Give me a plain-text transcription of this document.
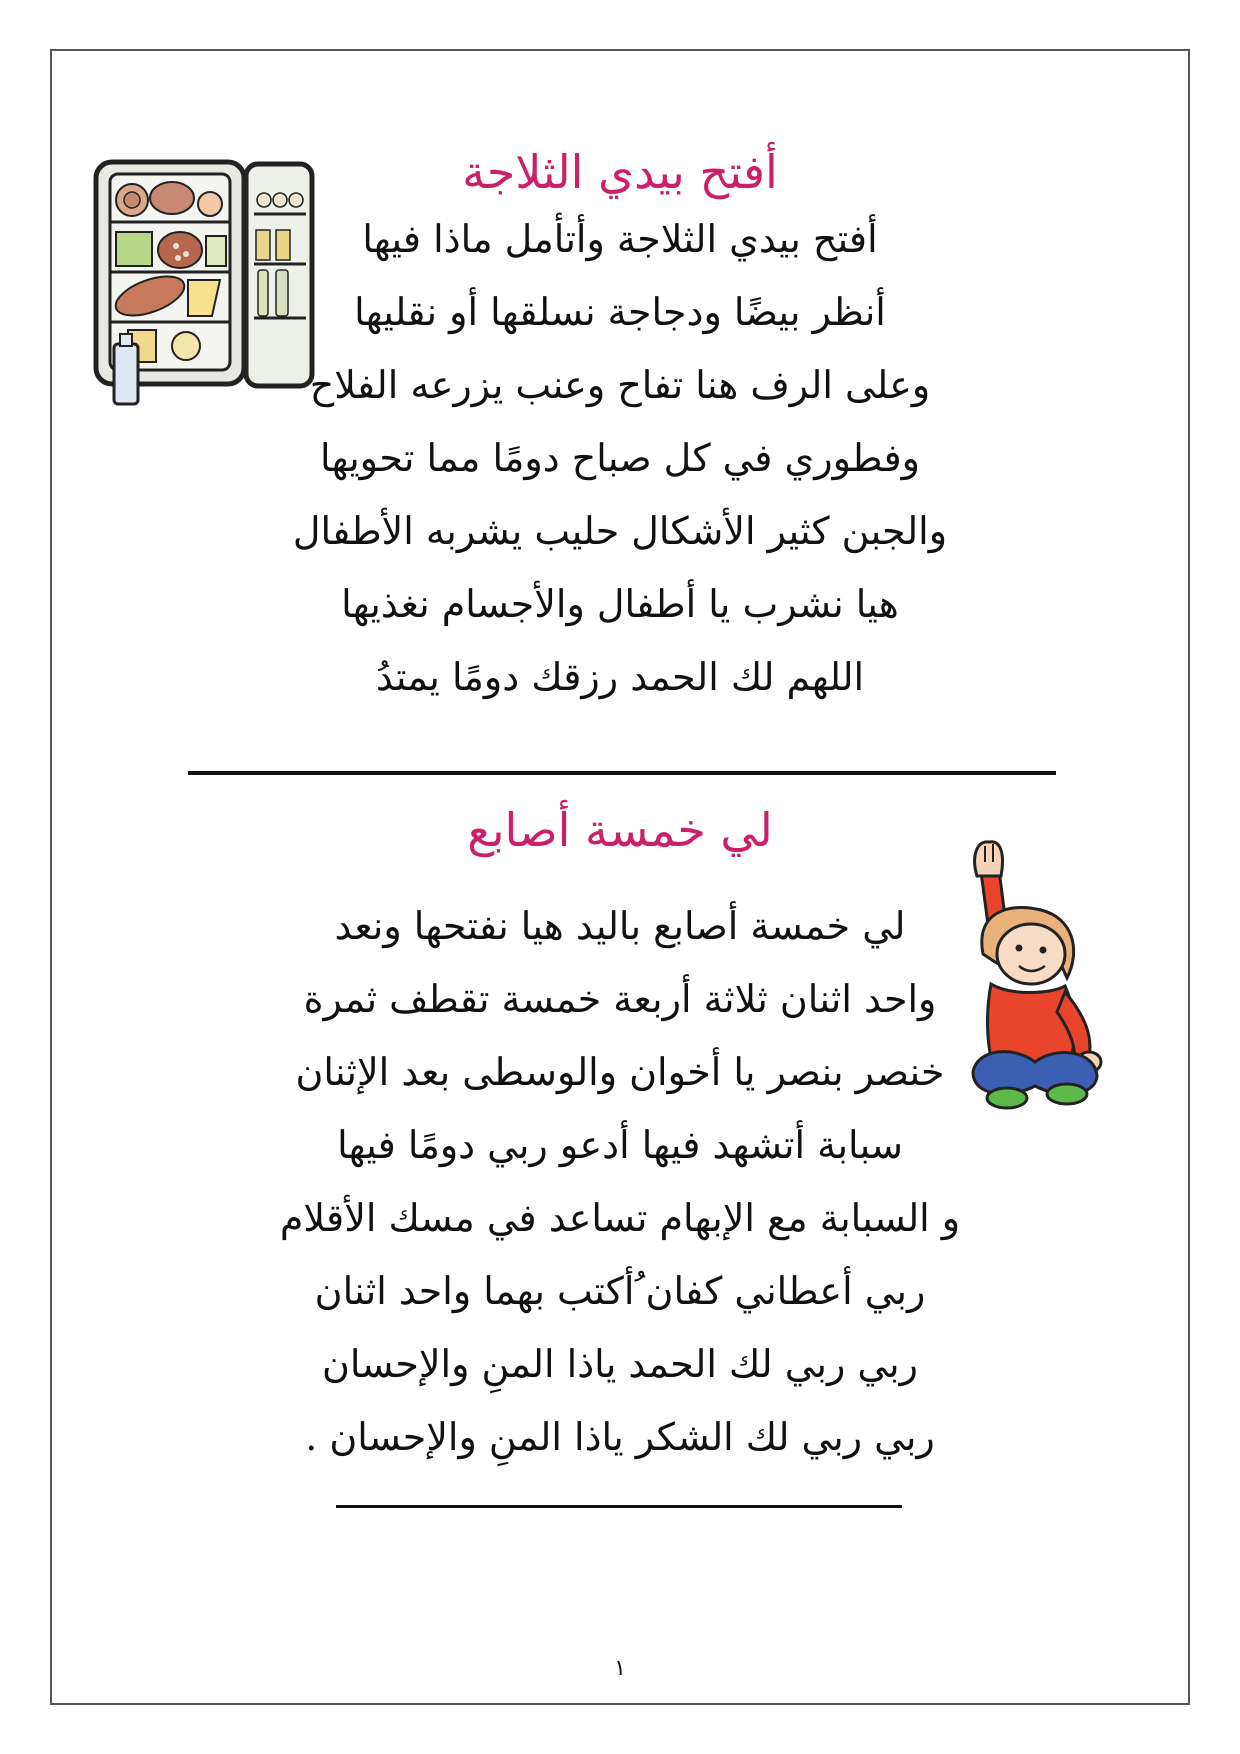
أفتح بيدي الثلاجة
أفتح بيدي الثلاجة وأتأمل ماذا فيها
أنظر بيضًا ودجاجة نسلقها أو نقليها
وعلى الرف هنا تفاح وعنب يزرعه الفلاح
وفطوري في كل صباح دومًا مما تحويها
والجبن كثير الأشكال حليب يشربه الأطفال
هيا نشرب يا أطفال والأجسام نغذيها
اللهم لك الحمد رزقك دومًا يمتدُ
لي خمسة أصابع
لي خمسة أصابع باليد هيا نفتحها ونعد
واحد اثنان ثلاثة أربعة خمسة تقطف ثمرة
خنصر بنصر يا أخوان والوسطى بعد الإثنان
سبابة أتشهد فيها أدعو ربي دومًا فيها
و السبابة مع الإبهام تساعد في مسك الأقلام
ربي أعطاني كفان ُأكتب بهما واحد اثنان
ربي ربي لك الحمد ياذا المنِ والإحسان
ربي ربي لك الشكر ياذا المنِ والإحسان .
١
